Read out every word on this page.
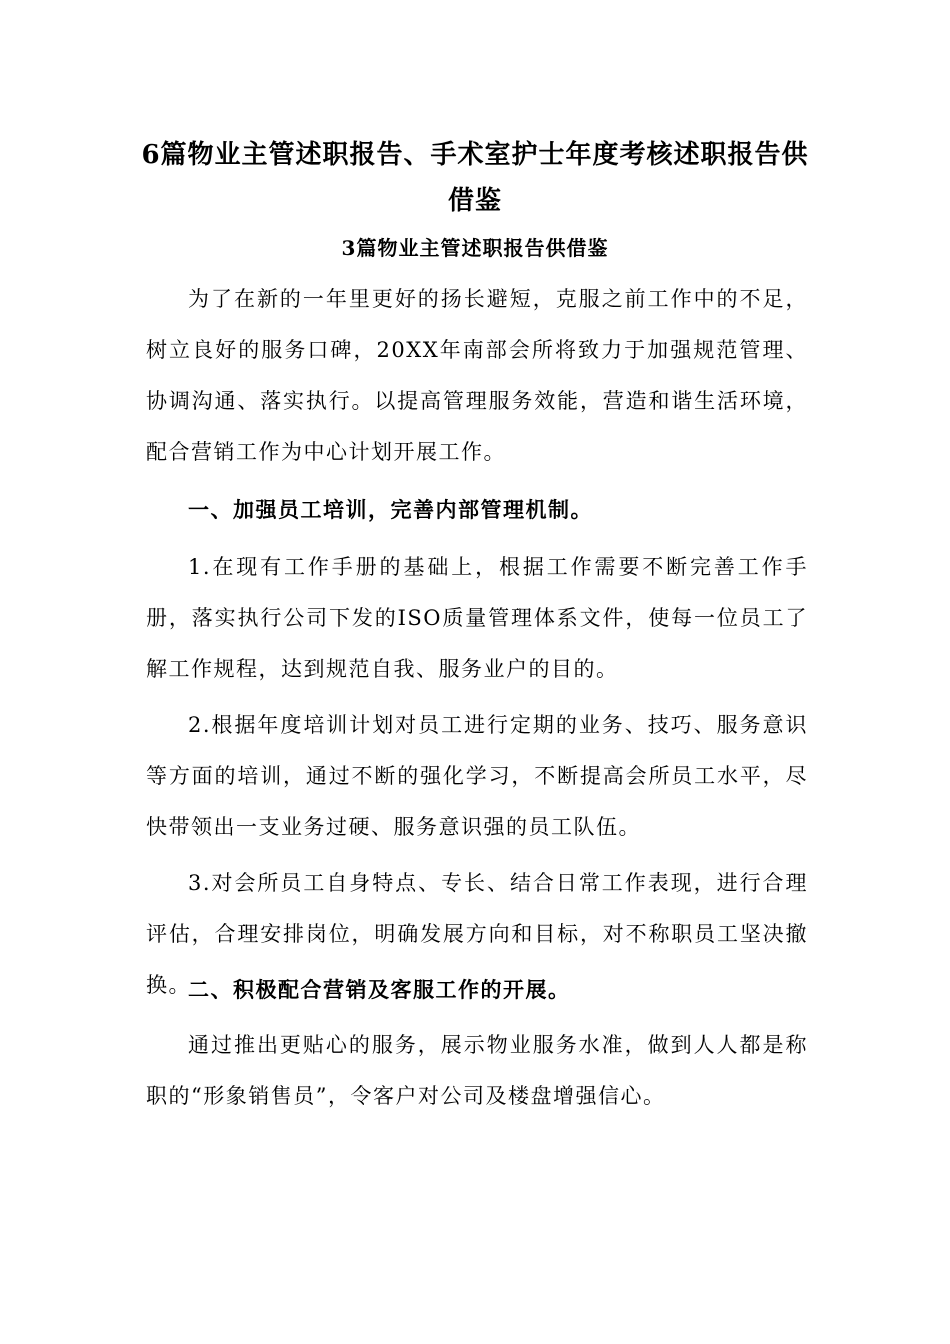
6篇物业主管述职报告、手术室护士年度考核述职报告供借鉴
3篇物业主管述职报告供借鉴

为了在新的一年里更好的扬长避短，克服之前工作中的不足，树立良好的服务口碑，20XX年南部会所将致力于加强规范管理、协调沟通、落实执行。以提高管理服务效能，营造和谐生活环境，配合营销工作为中心计划开展工作。

一、加强员工培训，完善内部管理机制。

1.在现有工作手册的基础上，根据工作需要不断完善工作手册，落实执行公司下发的ISO质量管理体系文件，使每一位员工了解工作规程，达到规范自我、服务业户的目的。

2.根据年度培训计划对员工进行定期的业务、技巧、服务意识等方面的培训，通过不断的强化学习，不断提高会所员工水平，尽快带领出一支业务过硬、服务意识强的员工队伍。

3.对会所员工自身特点、专长、结合日常工作表现，进行合理评估，合理安排岗位，明确发展方向和目标，对不称职员工坚决撤换。

二、积极配合营销及客服工作的开展。

通过推出更贴心的服务，展示物业服务水准，做到人人都是称职的“形象销售员”，令客户对公司及楼盘增强信心。
